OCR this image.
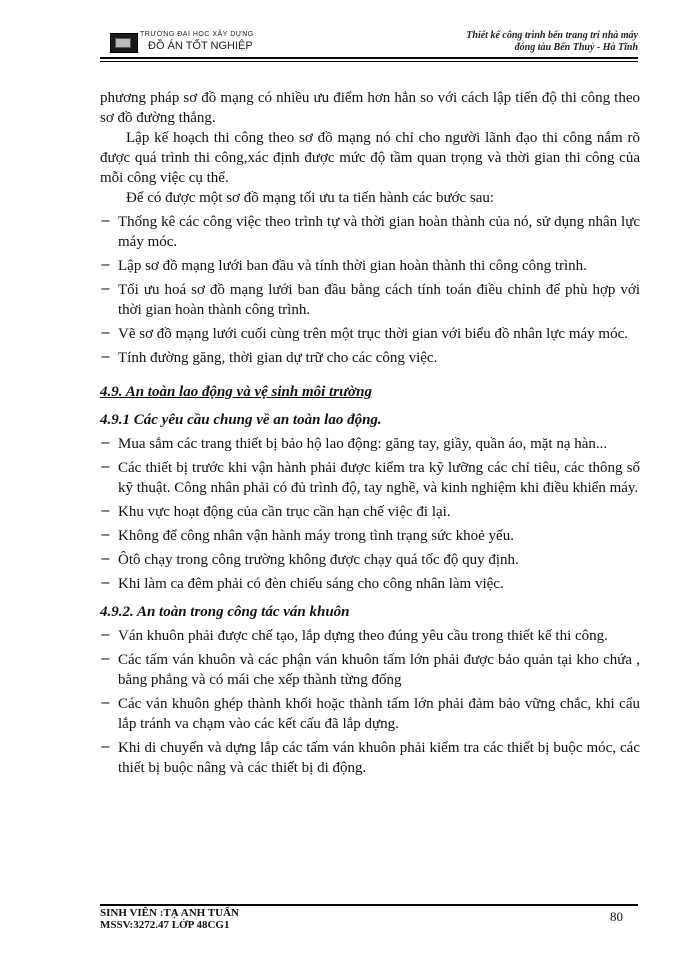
TRƯỜNG ĐẠI HỌC XÂY DỰNG
ĐỒ ÁN TỐT NGHIỆP
Thiết kế công trình bến trang trí nhà máy
đóng tàu Bến Thuỷ - Hà Tĩnh

phương pháp sơ đồ mạng có nhiều ưu điểm hơn hẳn so với cách lập tiến độ thi công theo sơ đồ đường thẳng.

Lập kế hoạch thi công theo sơ đồ mạng nó chỉ cho người lãnh đạo thi công nắm rõ được quá trình thi công,xác định được mức độ tầm quan trọng và thời gian thi công của mỗi công việc cụ thể.

Để có được một sơ đồ mạng tối ưu ta tiến hành các bước sau:

− Thống kê các công việc theo trình tự và thời gian hoàn thành của nó, sử dụng nhân lực máy móc.
− Lập sơ đồ mạng lưới ban đầu và tính thời gian hoàn thành thi công công trình.
− Tối ưu hoá sơ đồ mạng lưới ban đầu bằng cách tính toán điều chỉnh để phù hợp với thời gian hoàn thành công trình.
− Vẽ sơ đồ mạng lưới cuối cùng trên một trục thời gian với biểu đồ nhân lực máy móc.
− Tính đường găng, thời gian dự trữ cho các công việc.
4.9. An toàn lao động và vệ sinh môi trường
4.9.1 Các yêu cầu chung về an toàn lao động.
− Mua sắm các trang thiết bị bảo hộ lao động: găng tay, giầy, quần áo, mặt nạ hàn...
− Các thiết bị trước khi vận hành phải được kiểm tra kỹ lưỡng các chỉ tiêu, các thông số kỹ thuật. Công nhân phải có đủ trình độ, tay nghề, và kinh nghiệm khi điều khiển máy.
− Khu vực hoạt động của cần trục cần hạn chế việc đi lại.
− Không để công nhân vận hành máy trong tình trạng sức khoẻ yếu.
− Ôtô chạy trong công trường không được chạy quá tốc độ quy định.
− Khi làm ca đêm phải có đèn chiếu sáng cho công nhân làm việc.
4.9.2. An toàn trong công tác ván khuôn
− Ván khuôn phải được chế tạo, lắp dựng theo đúng yêu cầu trong thiết kế thi công.
− Các tấm ván khuôn và các phận ván khuôn tấm lớn phải được bảo quản tại kho chứa , bằng phẳng và có mái che xếp thành từng đống
− Các ván khuôn ghép thành khối hoặc thành tấm lớn phải đảm bảo vững chắc, khi cẩu lắp tránh va chạm vào các kết cấu đã lắp dựng.
− Khi di chuyển và dựng lắp các tấm ván khuôn phải kiểm tra các thiết bị buộc móc, các thiết bị buộc nâng và các thiết bị di động.
SINH VIÊN :TẠ ANH TUẤN
MSSV:3272.47 LỚP 48CG1
80
